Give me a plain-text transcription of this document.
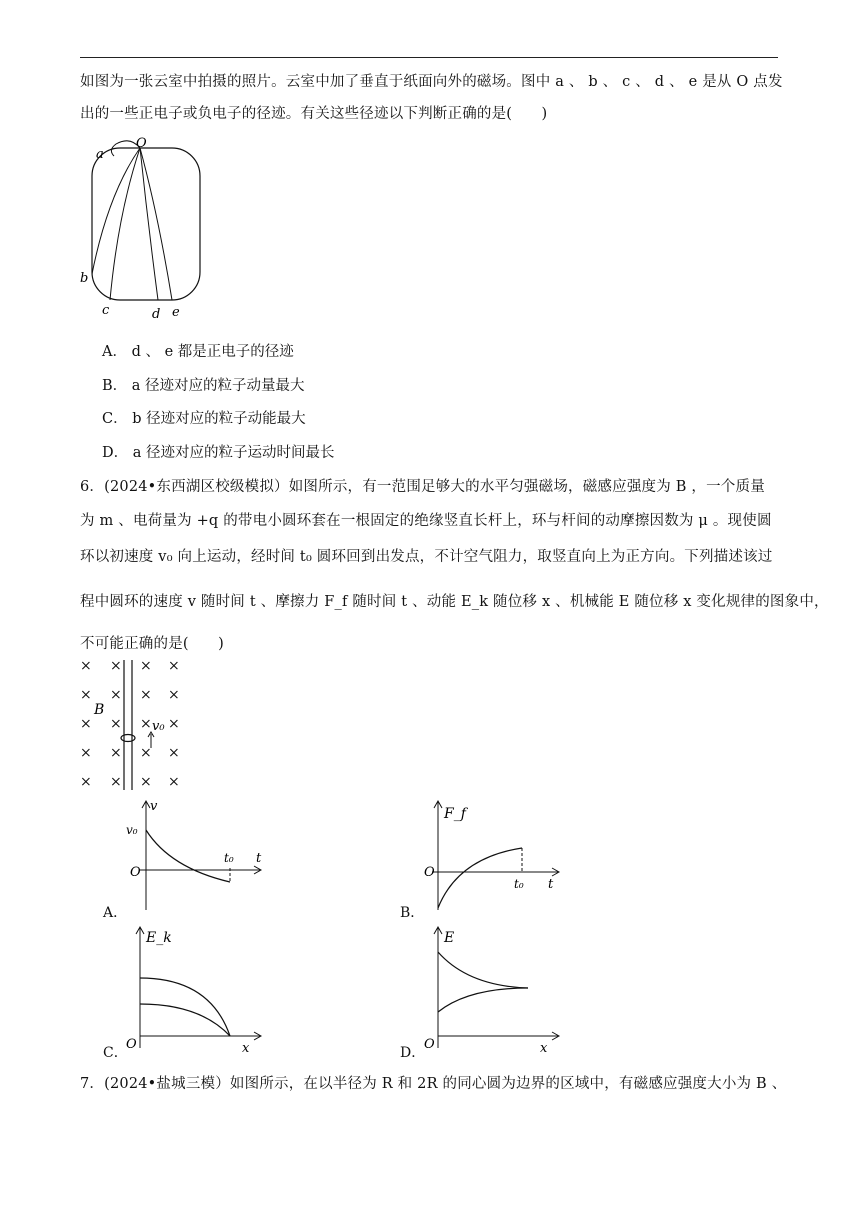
如图为一张云室中拍摄的照片。云室中加了垂直于纸面向外的磁场。图中 a 、 b 、 c 、 d 、 e 是从 O 点发
出的一些正电子或负电子的径迹。有关这些径迹以下判断正确的是(　　)
O
a
b
c	d e
A． d 、 e 都是正电子的径迹
B． a 径迹对应的粒子动量最大
C． b 径迹对应的粒子动能最大
D． a 径迹对应的粒子运动时间最长
6．(2024•东西湖区校级模拟）如图所示，有一范围足够大的水平匀强磁场，磁感应强度为 B ，一个质量
为 m 、电荷量为 +q 的带电小圆环套在一根固定的绝缘竖直长杆上，环与杆间的动摩擦因数为 μ 。现使圆
环以初速度 v₀ 向上运动，经时间 t₀ 圆环回到出发点，不计空气阻力，取竖直向上为正方向。下列描述该过
程中圆环的速度 v 随时间 t 、摩擦力 F_f 随时间 t 、动能 E_k 随位移 x 、机械能 E 随位移 x 变化规律的图象中，
不可能正确的是(　　)
× × × ×
× × × ×
× × × ×
× × × ×
× × × ×
B
v₀
v
t
O
v₀
t₀
A．
F_f
t
O
t₀
B．
E_k
x
O
C．
E
x
O
D．
7．(2024•盐城三模）如图所示，在以半径为 R 和 2R 的同心圆为边界的区域中，有磁感应强度大小为 B 、
